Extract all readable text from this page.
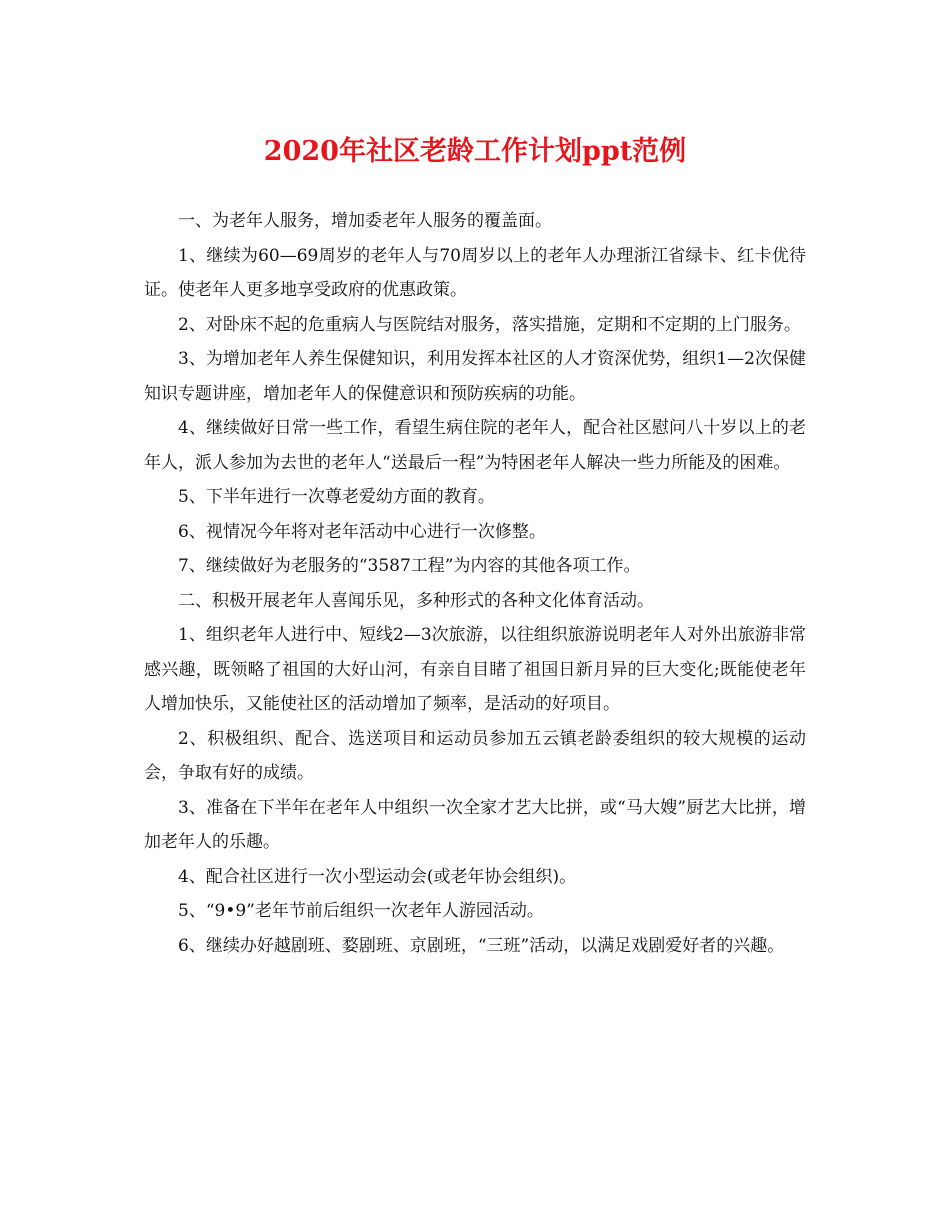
2020年社区老龄工作计划ppt范例

一、为老年人服务，增加委老年人服务的覆盖面。

1、继续为60—69周岁的老年人与70周岁以上的老年人办理浙江省绿卡、红卡优待证。使老年人更多地享受政府的优惠政策。

2、对卧床不起的危重病人与医院结对服务，落实措施，定期和不定期的上门服务。

3、为增加老年人养生保健知识，利用发挥本社区的人才资深优势，组织1—2次保健知识专题讲座，增加老年人的保健意识和预防疾病的功能。

4、继续做好日常一些工作，看望生病住院的老年人，配合社区慰问八十岁以上的老年人，派人参加为去世的老年人“送最后一程”为特困老年人解决一些力所能及的困难。

5、下半年进行一次尊老爱幼方面的教育。

6、视情况今年将对老年活动中心进行一次修整。

7、继续做好为老服务的“3587工程”为内容的其他各项工作。

二、积极开展老年人喜闻乐见，多种形式的各种文化体育活动。

1、组织老年人进行中、短线2—3次旅游，以往组织旅游说明老年人对外出旅游非常感兴趣，既领略了祖国的大好山河，有亲自目睹了祖国日新月异的巨大变化;既能使老年人增加快乐，又能使社区的活动增加了频率，是活动的好项目。

2、积极组织、配合、选送项目和运动员参加五云镇老龄委组织的较大规模的运动会，争取有好的成绩。

3、准备在下半年在老年人中组织一次全家才艺大比拼，或“马大嫂”厨艺大比拼，增加老年人的乐趣。

4、配合社区进行一次小型运动会(或老年协会组织)。

5、“9•9”老年节前后组织一次老年人游园活动。

6、继续办好越剧班、婺剧班、京剧班，“三班”活动，以满足戏剧爱好者的兴趣。
